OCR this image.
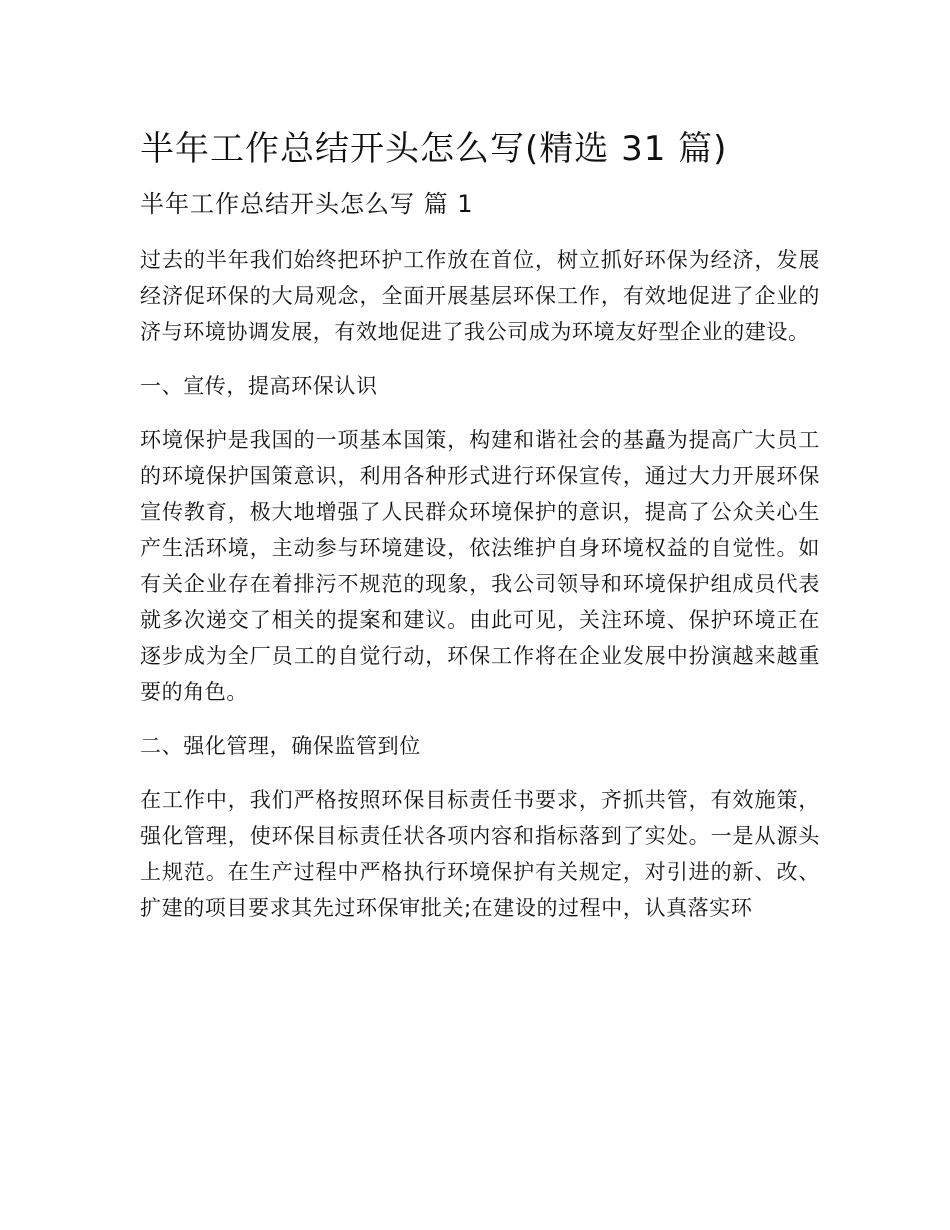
半年工作总结开头怎么写(精选 31 篇)
半年工作总结开头怎么写 篇 1

过去的半年我们始终把环护工作放在首位，树立抓好环保为经济，发展经济促环保的大局观念，全面开展基层环保工作，有效地促进了企业的济与环境协调发展，有效地促进了我公司成为环境友好型企业的建设。

一、宣传，提高环保认识

环境保护是我国的一项基本国策，构建和谐社会的基矗为提高广大员工的环境保护国策意识，利用各种形式进行环保宣传，通过大力开展环保宣传教育，极大地增强了人民群众环境保护的意识，提高了公众关心生产生活环境，主动参与环境建设，依法维护自身环境权益的自觉性。如有关企业存在着排污不规范的现象，我公司领导和环境保护组成员代表就多次递交了相关的提案和建议。由此可见，关注环境、保护环境正在逐步成为全厂员工的自觉行动，环保工作将在企业发展中扮演越来越重要的角色。

二、强化管理，确保监管到位

在工作中，我们严格按照环保目标责任书要求，齐抓共管，有效施策，强化管理，使环保目标责任状各项内容和指标落到了实处。一是从源头上规范。在生产过程中严格执行环境保护有关规定，对引进的新、改、扩建的项目要求其先过环保审批关;在建设的过程中，认真落实环
